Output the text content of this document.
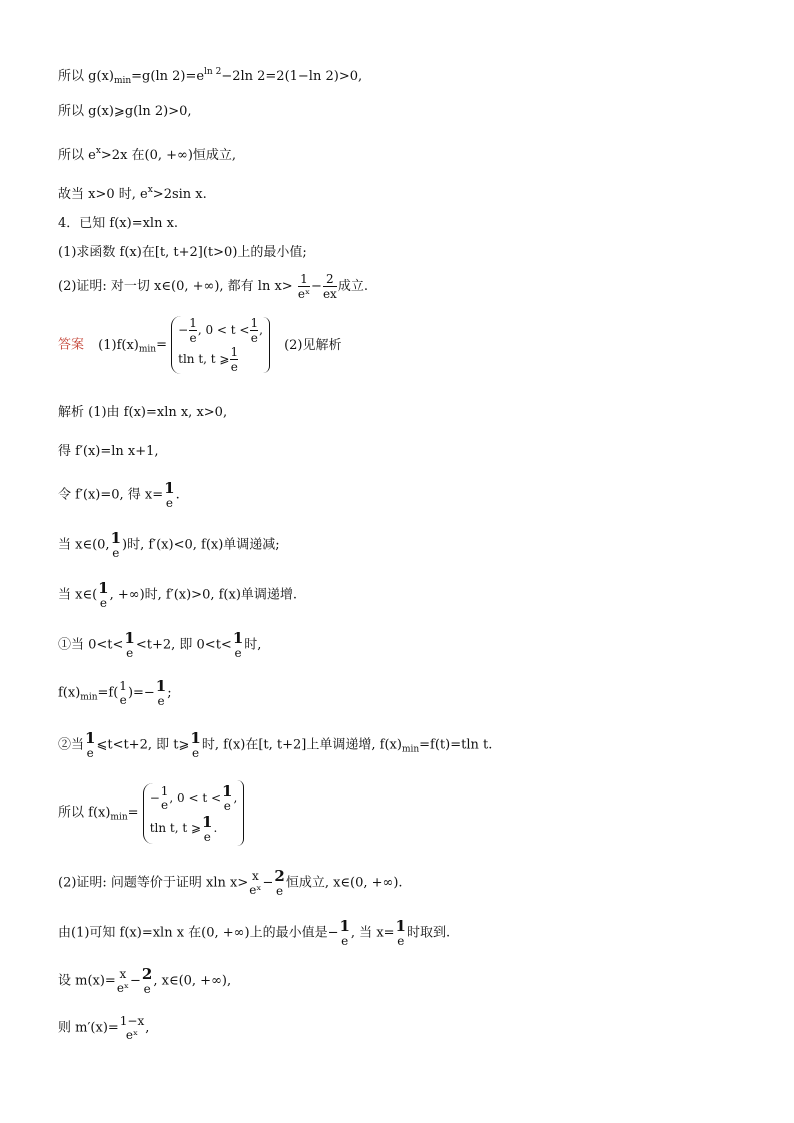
所以 $g(x)_{min}=g(\ln$ $2)=e^{ln 2}-2\ln$ 2=2(1−ln 2)>0,
所以 g(x)⩾g(ln 2)>0,
所以 $e^x>2x$ 在(0, +∞)恒成立,
故当 x>0 时, $e^x>2\sin$ x.
4．已知 f(x)=xln x.
(1)求函数 f(x)在[t, t+2](t>0)上的最小值;
(2)证明: 对一切 x∈(0, +∞), 都有 $\ln x> \frac{1}{\text{eˣ}} - \frac{2}{ex}$ 成立.
答案 $(1)f(x)_{min}=$
− $\frac{1}{e}$ , $0 < t < \frac{1}{e}$ ,
tln t, t ⩾ $\frac{1}{e}$	(2)见解析
解析 (1)由 f(x)=xln x, x>0,
得 f′(x)=ln x+1,
令 f′(x)=0, 得 x= 1
e
.
当 x∈(0, 1
e
)时, f′(x)<0, f(x)单调递减;
当 x∈( 1
e
, +∞)时, f′(x)>0, f(x)单调递增.
①当 0<t< 1
e
<t+2, 即 0<t< 1
e
时,
$f(x)_{min}=f$( 1
e )=− 1
e
;
②当 1
e
⩽t<t+2, 即 t⩾ 1
e
时, f(x)在[t, t+2]上单调递增, $f(x)_{min}=f(t)=tln$ t.
所以 $f(x)_{min}=$
− 1
e
, 0 < t < 1
e
,
tln t, t ⩾ 1
e
.
(2)证明: 问题等价于证明 xln x> x
eˣ − 2
e
恒成立, x∈(0, +∞).
由(1)可知 f(x)=xln x 在(0, +∞)上的最小值是− 1
e
, 当 x= 1
e
时取到.
设 m(x)= x
eˣ − 2
e
, x∈(0, +∞),
则 m′(x)= 1−x
eˣ ,
